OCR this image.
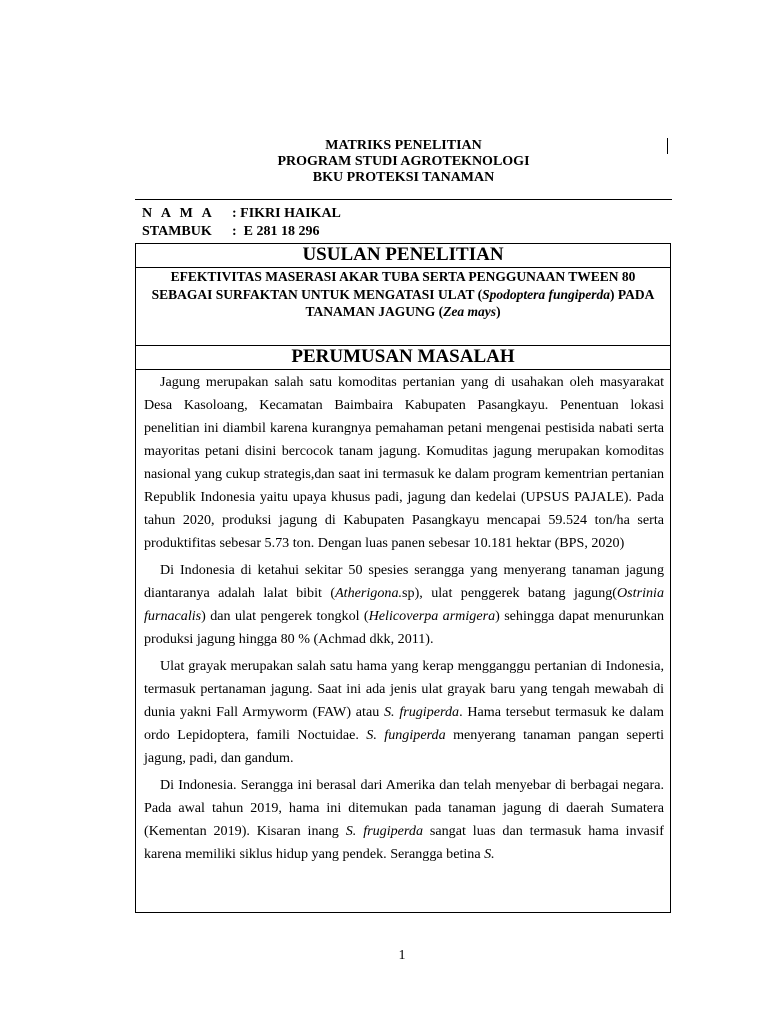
MATRIKS PENELITIAN
PROGRAM STUDI AGROTEKNOLOGI
BKU PROTEKSI TANAMAN
N A M A	: FIKRI HAIKAL
STAMBUK	:  E 281 18 296
USULAN PENELITIAN
EFEKTIVITAS MASERASI AKAR TUBA SERTA PENGGUNAAN TWEEN 80 SEBAGAI SURFAKTAN UNTUK MENGATASI ULAT (Spodoptera fungiperda) PADA TANAMAN JAGUNG (Zea mays)
PERUMUSAN MASALAH

Jagung merupakan salah satu komoditas pertanian yang di usahakan oleh masyarakat Desa Kasoloang, Kecamatan Baimbaira Kabupaten Pasangkayu. Penentuan lokasi penelitian ini diambil karena kurangnya pemahaman petani mengenai pestisida nabati serta mayoritas petani disini bercocok tanam jagung. Komuditas jagung merupakan komoditas nasional yang cukup strategis,dan saat ini termasuk ke dalam program kementrian pertanian Republik Indonesia yaitu upaya khusus padi, jagung dan kedelai (UPSUS PAJALE). Pada tahun 2020, produksi jagung di Kabupaten Pasangkayu mencapai 59.524 ton/ha serta produktifitas sebesar 5.73 ton. Dengan luas panen sebesar 10.181 hektar (BPS, 2020)

Di Indonesia di ketahui sekitar 50 spesies serangga yang menyerang tanaman jagung diantaranya adalah lalat bibit (Atherigona.sp), ulat penggerek batang jagung(Ostrinia furnacalis) dan ulat pengerek tongkol (Helicoverpa armigera) sehingga dapat menurunkan produksi jagung hingga 80 % (Achmad dkk, 2011).

Ulat grayak merupakan salah satu hama yang kerap mengganggu pertanian di Indonesia, termasuk pertanaman jagung. Saat ini ada jenis ulat grayak baru yang tengah mewabah di dunia yakni Fall Armyworm (FAW) atau S. frugiperda. Hama tersebut termasuk ke dalam ordo Lepidoptera, famili Noctuidae. S. fungiperda menyerang tanaman pangan seperti jagung, padi, dan gandum.

Di Indonesia. Serangga ini berasal dari Amerika dan telah menyebar di berbagai negara. Pada awal tahun 2019, hama ini ditemukan pada tanaman jagung di daerah Sumatera (Kementan 2019). Kisaran inang S. frugiperda sangat luas dan termasuk hama invasif karena memiliki siklus hidup yang pendek. Serangga betina S.

1
